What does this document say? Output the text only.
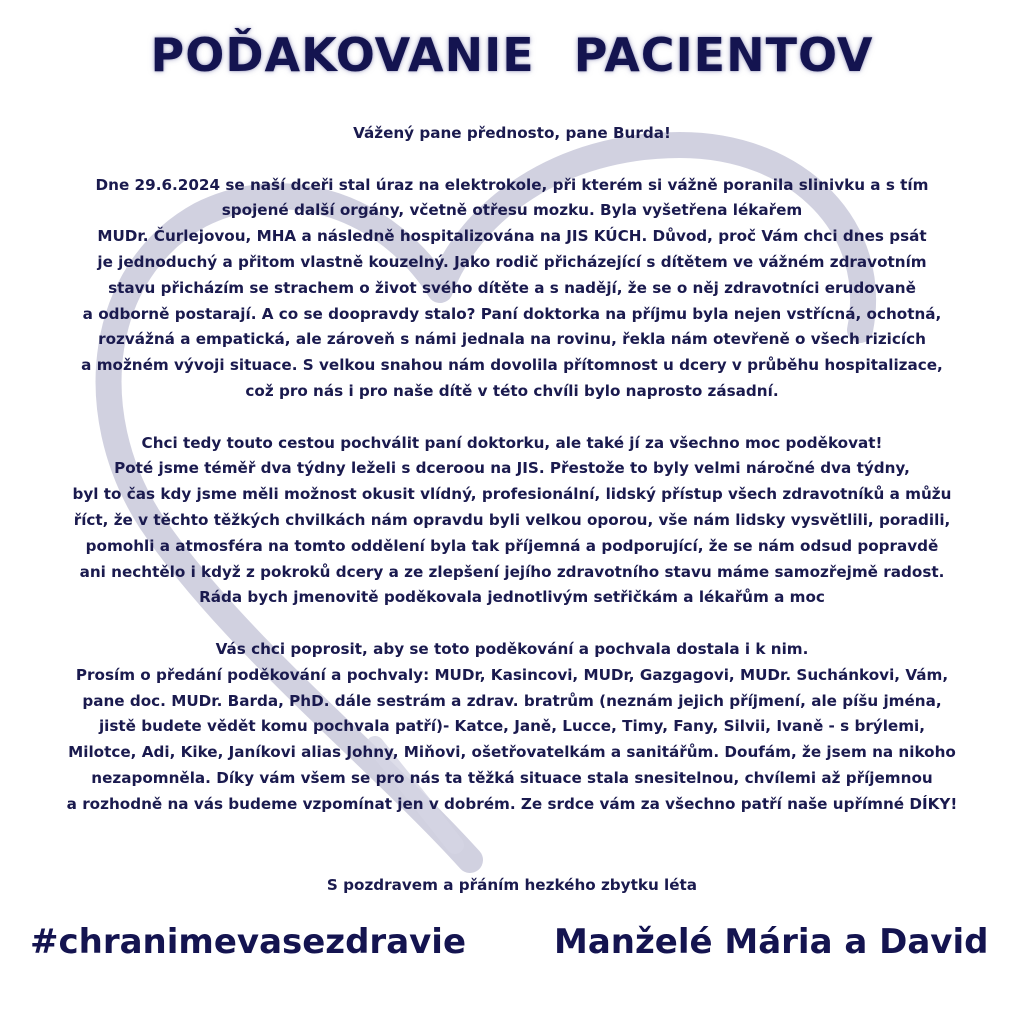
POĎAKOVANIE PACIENTOV
Vážený pane přednosto, pane Burda!
Dne 29.6.2024 se naší dceři stal úraz na elektrokole, při kterém si vážně poranila slinivku a s tím
spojené další orgány, včetně otřesu mozku. Byla vyšetřena lékařem
MUDr. Čurlejovou, MHA a následně hospitalizována na JIS KÚCH. Důvod, proč Vám chci dnes psát
je jednoduchý a přitom vlastně kouzelný. Jako rodič přicházející s dítětem ve vážném zdravotním
stavu přicházím se strachem o život svého dítěte a s nadějí, že se o něj zdravotníci erudovaně
a odborně postarají. A co se doopravdy stalo? Paní doktorka na příjmu byla nejen vstřícná, ochotná,
rozvážná a empatická, ale zároveň s námi jednala na rovinu, řekla nám otevřeně o všech rizicích
a možném vývoji situace. S velkou snahou nám dovolila přítomnost u dcery v průběhu hospitalizace,
což pro nás i pro naše dítě v této chvíli bylo naprosto zásadní.
Chci tedy touto cestou pochválit paní doktorku, ale také jí za všechno moc poděkovat!
Poté jsme téměř dva týdny leželi s dceroou na JIS. Přestože to byly velmi náročné dva týdny,
byl to čas kdy jsme měli možnost okusit vlídný, profesionální, lidský přístup všech zdravotníků a můžu
říct, že v těchto těžkých chvilkách nám opravdu byli velkou oporou, vše nám lidsky vysvětlili, poradili,
pomohli a atmosféra na tomto oddělení byla tak příjemná a podporující, že se nám odsud popravdě
ani nechtělo i když z pokroků dcery a ze zlepšení jejího zdravotního stavu máme samozřejmě radost.
Ráda bych jmenovitě poděkovala jednotlivým setřičkám a lékařům a moc
Vás chci poprosit, aby se toto poděkování a pochvala dostala i k nim.
Prosím o předání poděkování a pochvaly: MUDr, Kasincovi, MUDr, Gazgagovi, MUDr. Suchánkovi, Vám,
pane doc. MUDr. Barda, PhD. dále sestrám a zdrav. bratrům (neznám jejich příjmení, ale píšu jména,
jistě budete vědět komu pochvala patří)- Katce, Janě, Lucce, Timy, Fany, Silvii, Ivaně - s brýlemi,
Milotce, Adi, Kike, Janíkovi alias Johny, Miňovi, ošetřovatelkám a sanitářům. Doufám, že jsem na nikoho
nezapomněla. Díky vám všem se pro nás ta těžká situace stala snesitelnou, chvílemi až příjemnou
a rozhodně na vás budeme vzpomínat jen v dobrém. Ze srdce vám za všechno patří naše upřímné DÍKY!
S pozdravem a přáním hezkého zbytku léta
#chranimevasezdravie	Manželé Mária a David
